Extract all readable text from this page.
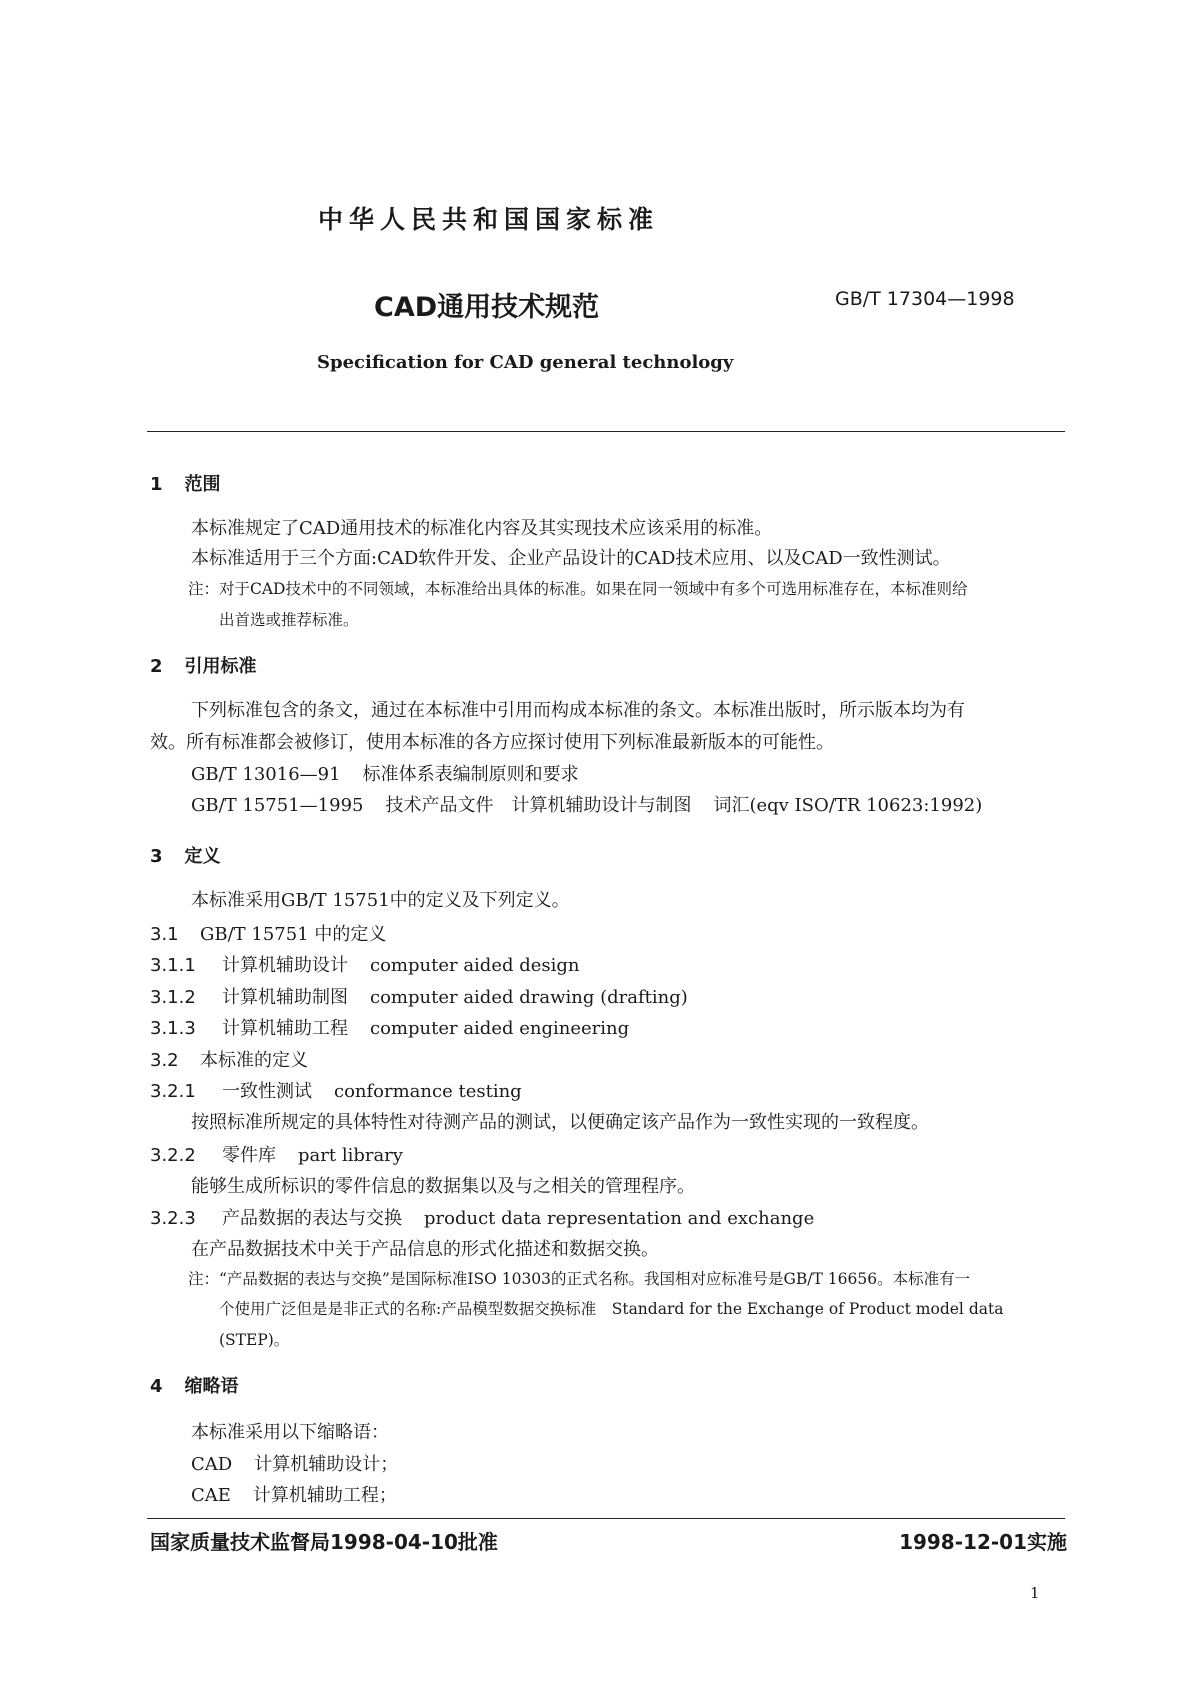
中华人民共和国国家标准
CAD通用技术规范	GB/T 17304—1998
Specification for CAD general technology
1 范围
本标准规定了CAD通用技术的标准化内容及其实现技术应该采用的标准。
本标准适用于三个方面:CAD软件开发、企业产品设计的CAD技术应用、以及CAD一致性测试。
注：对于CAD技术中的不同领域，本标准给出具体的标准。如果在同一领域中有多个可选用标准存在，本标准则给
出首选或推荐标准。
2 引用标准
下列标准包含的条文，通过在本标准中引用而构成本标准的条文。本标准出版时，所示版本均为有
效。所有标准都会被修订，使用本标准的各方应探讨使用下列标准最新版本的可能性。
GB/T 13016—91 标准体系表编制原则和要求
GB/T 15751—1995 技术产品文件　计算机辅助设计与制图 词汇(eqv ISO/TR 10623:1992)
3 定义
本标准采用GB/T 15751中的定义及下列定义。
3.1 GB/T 15751 中的定义
3.1.1 计算机辅助设计 computer aided design
3.1.2 计算机辅助制图 computer aided drawing (drafting)
3.1.3 计算机辅助工程 computer aided engineering
3.2 本标准的定义
3.2.1 一致性测试 conformance testing
按照标准所规定的具体特性对待测产品的测试，以便确定该产品作为一致性实现的一致程度。
3.2.2 零件库 part library
能够生成所标识的零件信息的数据集以及与之相关的管理程序。
3.2.3 产品数据的表达与交换 product data representation and exchange
在产品数据技术中关于产品信息的形式化描述和数据交换。
注：“产品数据的表达与交换”是国际标准ISO 10303的正式名称。我国相对应标准号是GB/T 16656。本标准有一
个使用广泛但是是非正式的名称:产品模型数据交换标准　Standard for the Exchange of Product model data
(STEP)。
4 缩略语
本标准采用以下缩略语：
CAD 计算机辅助设计；
CAE 计算机辅助工程；
国家质量技术监督局1998-04-10批准	1998-12-01实施
1
